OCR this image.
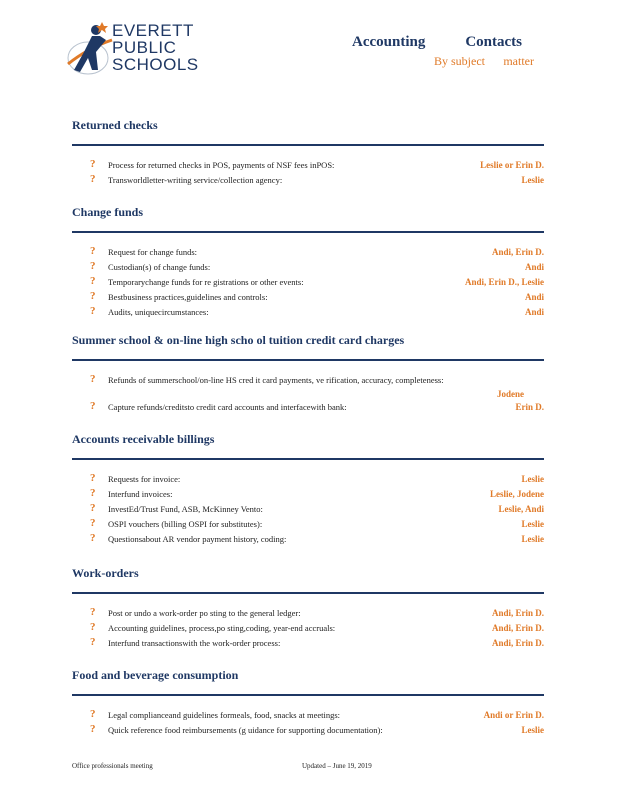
EVERETT
PUBLIC
SCHOOLS
Accounting	Contacts
By subject matter
Returned checks
? Process for returned checks in POS, payments of NSF fees inPOS:	Leslie or Erin D.
? Transworldletter-writing service/collection agency:	Leslie
Change funds
? Request for change funds:	Andi, Erin D.
? Custodian(s) of change funds:	Andi
? Temporarychange funds for re gistrations or other events:	Andi, Erin D., Leslie
? Bestbusiness practices,guidelines and controls:	Andi
? Audits, uniquecircumstances:	Andi
Summer school & on-line high scho ol tuition credit card charges
? Refunds of summerschool/on-line HS cred it card payments, ve rification, accuracy, completeness:
Jodene
? Capture refunds/creditsto credit card accounts and interfacewith bank:	Erin D.
Accounts receivable billings
? Requests for invoice:	Leslie
? Interfund invoices:	Leslie, Jodene
? InvestEd/Trust Fund, ASB, McKinney Vento:	Leslie, Andi
? OSPI vouchers (billing OSPI for substitutes):	Leslie
? Questionsabout AR vendor payment history, coding:	Leslie
Work-orders
? Post or undo a work-order po sting to the general ledger:	Andi, Erin D.
? Accounting guidelines, process,po sting,coding, year-end accruals:	Andi, Erin D.
? Interfund transactionswith the work-order process:	Andi, Erin D.
Food and beverage consumption
? Legal complianceand guidelines formeals, food, snacks at meetings:	Andi or Erin D.
? Quick reference food reimbursements (g uidance for supporting documentation):	Leslie
Office professionals meeting	Updated – June 19, 2019
